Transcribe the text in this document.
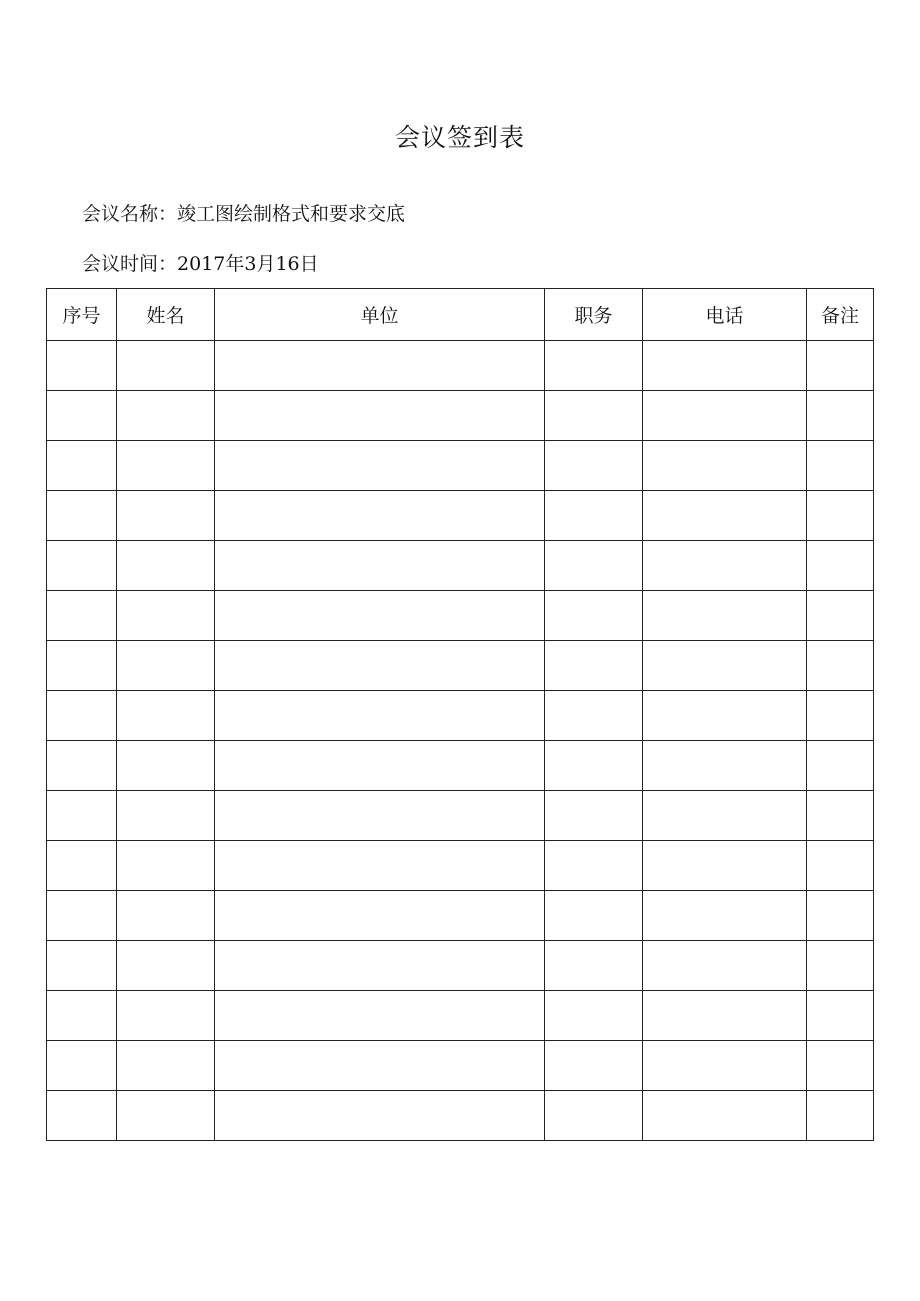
会议签到表
会议名称：竣工图绘制格式和要求交底
会议时间：2017年3月16日
序号	姓名	单位	职务	电话	备注
